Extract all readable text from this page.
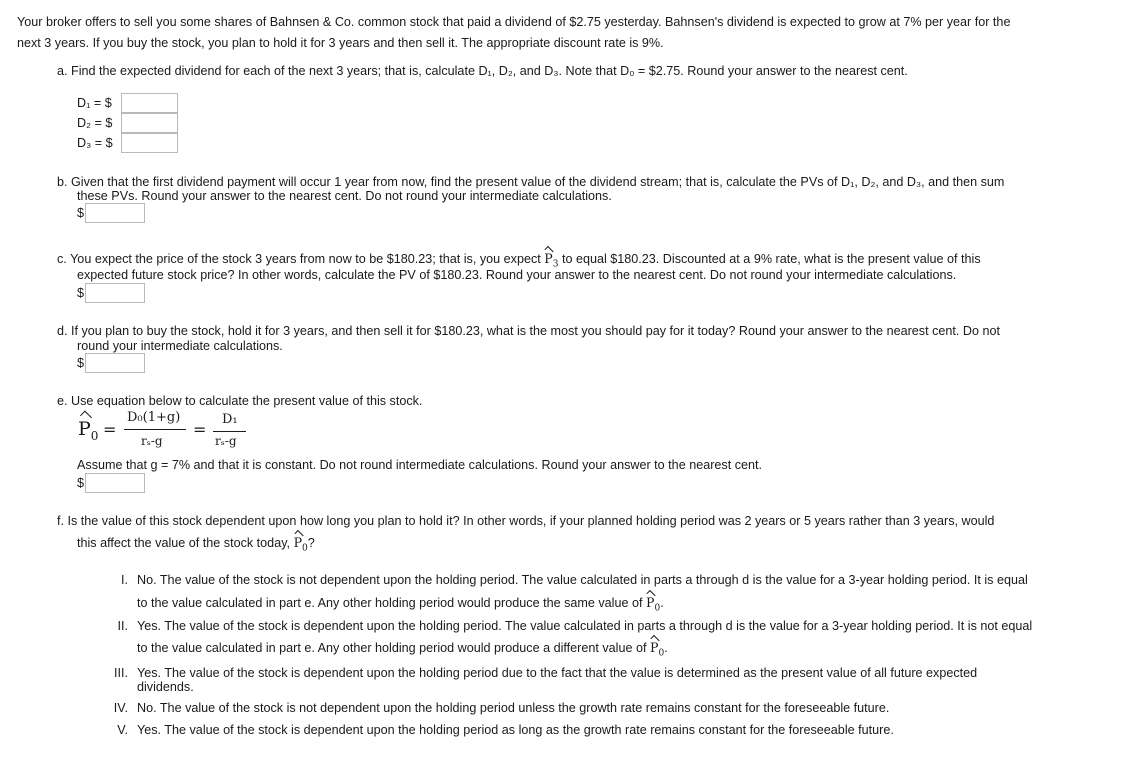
Your broker offers to sell you some shares of Bahnsen & Co. common stock that paid a dividend of $2.75 yesterday. Bahnsen's dividend is expected to grow at 7% per year for the
next 3 years. If you buy the stock, you plan to hold it for 3 years and then sell it. The appropriate discount rate is 9%.
a. Find the expected dividend for each of the next 3 years; that is, calculate D₁, D₂, and D₃. Note that D₀ = $2.75. Round your answer to the nearest cent.
D₁ = $
D₂ = $
D₃ = $
b. Given that the first dividend payment will occur 1 year from now, find the present value of the dividend stream; that is, calculate the PVs of D₁, D₂, and D₃, and then sum
these PVs. Round your answer to the nearest cent. Do not round your intermediate calculations.
$
c. You expect the price of the stock 3 years from now to be $180.23; that is, you expect $P_3$ to equal $180.23. Discounted at a 9% rate, what is the present value of this
expected future stock price? In other words, calculate the PV of $180.23. Round your answer to the nearest cent. Do not round your intermediate calculations.
$
d. If you plan to buy the stock, hold it for 3 years, and then sell it for $180.23, what is the most you should pay for it today? Round your answer to the nearest cent. Do not
round your intermediate calculations.
$
e. Use equation below to calculate the present value of this stock.
$P_0$ =
D₀(1+g)
rₛ-g
=
D₁
rₛ-g
Assume that g = 7% and that it is constant. Do not round intermediate calculations. Round your answer to the nearest cent.
$
f. Is the value of this stock dependent upon how long you plan to hold it? In other words, if your planned holding period was 2 years or 5 years rather than 3 years, would
this affect the value of the stock today, $P_0$?
I. No. The value of the stock is not dependent upon the holding period. The value calculated in parts a through d is the value for a 3-year holding period. It is equal
to the value calculated in part e. Any other holding period would produce the same value of $P_0$.
II. Yes. The value of the stock is dependent upon the holding period. The value calculated in parts a through d is the value for a 3-year holding period. It is not equal
to the value calculated in part e. Any other holding period would produce a different value of $P_0$.
III. Yes. The value of the stock is dependent upon the holding period due to the fact that the value is determined as the present value of all future expected
dividends.
IV. No. The value of the stock is not dependent upon the holding period unless the growth rate remains constant for the foreseeable future.
V. Yes. The value of the stock is dependent upon the holding period as long as the growth rate remains constant for the foreseeable future.
